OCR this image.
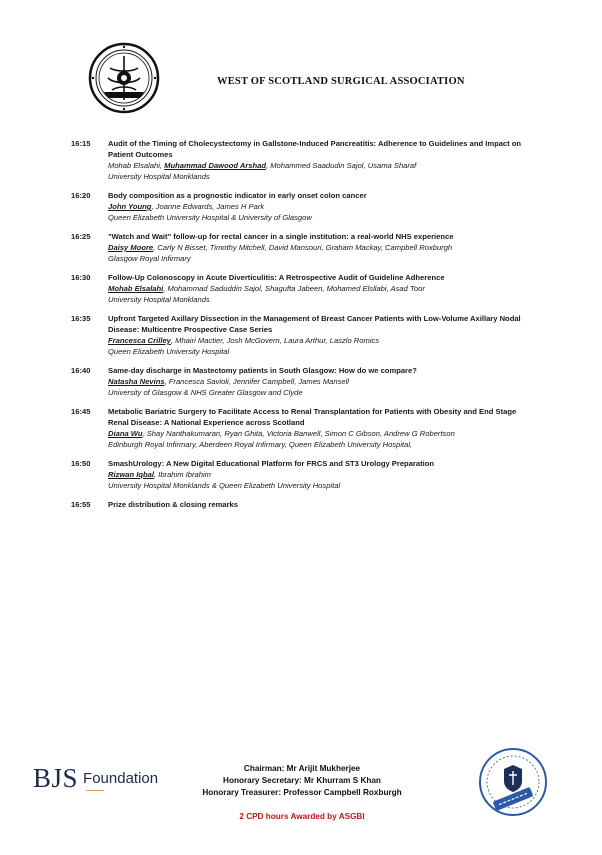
WEST OF SCOTLAND SURGICAL ASSOCIATION
16:15 Audit of the Timing of Cholecystectomy in Gallstone-Induced Pancreatitis: Adherence to Guidelines and Impact on Patient Outcomes
Mohab Elsalahi, Muhammad Dawood Arshad, Mohammed Saadudin Sajol, Usama Sharaf
University Hospital Monklands
16:20 Body composition as a prognostic indicator in early onset colon cancer
John Young, Joanne Edwards, James H Park
Queen Elizabeth University Hospital & University of Glasgow
16:25 "Watch and Wait" follow-up for rectal cancer in a single institution: a real-world NHS experience
Daisy Moore, Carly N Bisset, Timothy Mitchell, David Mansouri, Graham Mackay, Campbell Roxburgh
Glasgow Royal Infirmary
16:30 Follow-Up Colonoscopy in Acute Diverticulitis: A Retrospective Audit of Guideline Adherence
Mohab Elsalahi, Mohammad Saduddin Sajol, Shagufta Jabeen, Mohamed Elsllabi, Asad Toor
University Hospital Monklands
16:35 Upfront Targeted Axillary Dissection in the Management of Breast Cancer Patients with Low-Volume Axillary Nodal Disease: Multicentre Prospective Case Series
Francesca Crilley, Mhairi Mactier, Josh McGovern, Laura Arthur, Laszlo Romics
Queen Elizabeth University Hospital
16:40 Same-day discharge in Mastectomy patients in South Glasgow: How do we compare?
Natasha Nevins, Francesca Savioli, Jennifer Campbell, James Mansell
University of Glasgow & NHS Greater Glasgow and Clyde
16:45 Metabolic Bariatric Surgery to Facilitate Access to Renal Transplantation for Patients with Obesity and End Stage Renal Disease: A National Experience across Scotland
Diana Wu, Shay Nanthakumaran, Ryan Ghita, Victoria Banwell, Simon C Gibson, Andrew G Robertson
Edinburgh Royal Infirmary, Aberdeen Royal Infirmary, Queen Elizabeth University Hospital,
16:50 SmashUrology: A New Digital Educational Platform for FRCS and ST3 Urology Preparation
Rizwan Iqbal, Ibrahim Ibrahim
University Hospital Monklands & Queen Elizabeth University Hospital
16:55 Prize distribution & closing remarks
BJS Foundation
Chairman: Mr Arijit Mukherjee
Honorary Secretary: Mr Khurram S Khan
Honorary Treasurer: Professor Campbell Roxburgh
2 CPD hours Awarded by ASGBI
